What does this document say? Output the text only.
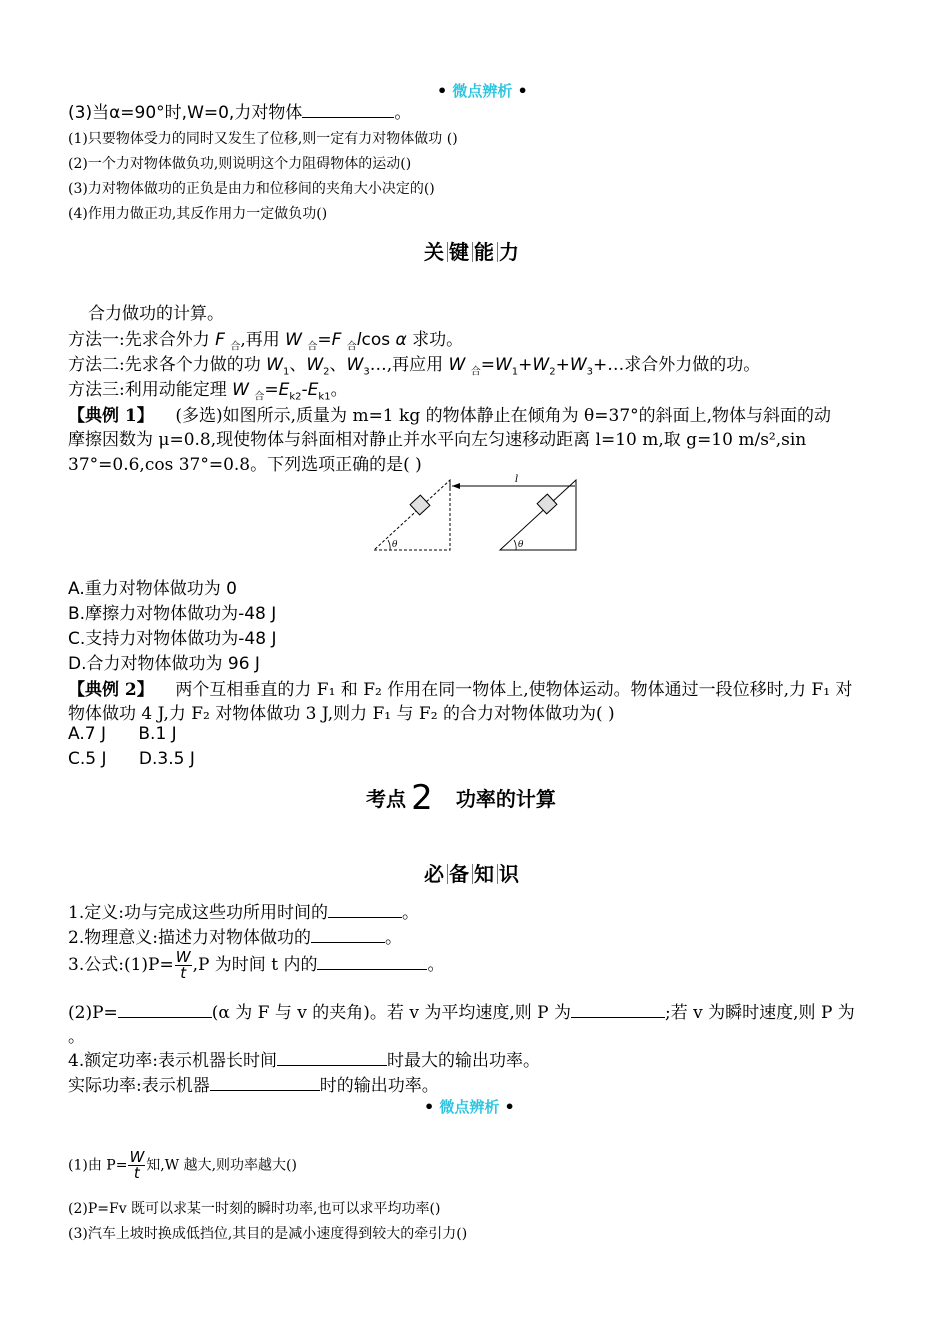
• 微点辨析 •
(3)当α=90°时,W=0,力对物体	。
(1)只要物体受力的同时又发生了位移,则一定有力对物体做功 ()
(2)一个力对物体做负功,则说明这个力阻碍物体的运动()
(3)力对物体做功的正负是由力和位移间的夹角大小决定的()
(4)作用力做正功,其反作用力一定做负功()
关 键 能 力
合力做功的计算。
方法一:先求合外力 F $_合$,再用 W $_合$=F $_合$lcos α 求功。
方法二:先求各个力做的功 $W_1$、$W_2$、$W_3\dots$,再应用 W $_合=W_1+W_2+W_3+\dots$求合外力做的功。
方法三:利用动能定理 W $_合=E_{k2}-E_{k1}$。
【典例 1】 (多选)如图所示,质量为 m=1 kg 的物体静止在倾角为 θ=37°的斜面上,物体与斜面的动
摩擦因数为 μ=0.8,现使物体与斜面相对静止并水平向左匀速移动距离 l=10 m,取 g=10 m/s²,sin
37°=0.6,cos 37°=0.8。下列选项正确的是( )
θ
l
θ
A.重力对物体做功为 0
B.摩擦力对物体做功为-48 J
C.支持力对物体做功为-48 J
D.合力对物体做功为 96 J
【典例 2】 两个互相垂直的力 F₁ 和 F₂ 作用在同一物体上,使物体运动。物体通过一段位移时,力 F₁ 对
物体做功 4 J,力 F₂ 对物体做功 3 J,则力 F₁ 与 F₂ 的合力对物体做功为( )
A.7 J      B.1 J
C.5 J      D.3.5 J
考点 2 功率的计算
必 备 知 识
1.定义:功与完成这些功所用时间的	。
2.物理意义:描述力对物体做功的	。
3.公式:(1)P= $\frac{W}{t} ,P$ 为时间 t 内的	。
(2)P=	(α 为 F 与 v 的夹角)。若 v 为平均速度,则 P 为	;若 v 为瞬时速度,则 P 为
。
4.额定功率:表示机器长时间	时最大的输出功率。
实际功率:表示机器	时的输出功率。
• 微点辨析 •
(1)由 $P= \frac{W}{t}$ 知,W 越大,则功率越大()
(2)P=Fv 既可以求某一时刻的瞬时功率,也可以求平均功率()
(3)汽车上坡时换成低挡位,其目的是减小速度得到较大的牵引力()
